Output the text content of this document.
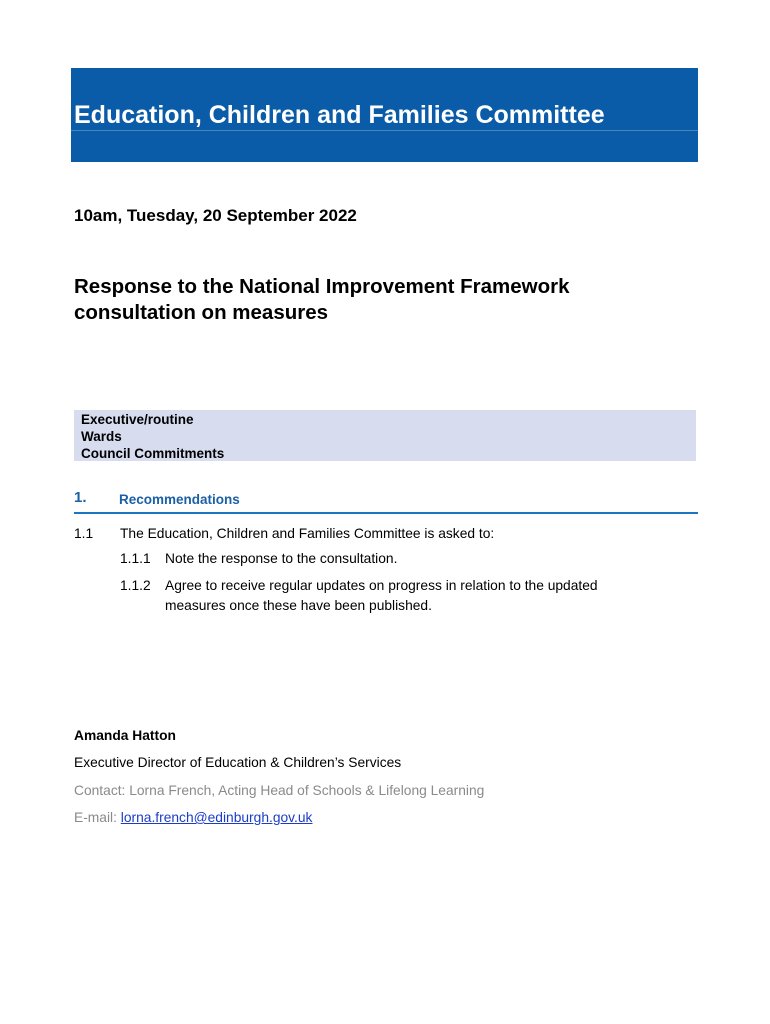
Education, Children and Families Committee
10am, Tuesday, 20 September 2022
Response to the National Improvement Framework
consultation on measures
Executive/routine
Wards
Council Commitments
1. Recommendations
1.1 The Education, Children and Families Committee is asked to:
1.1.1 Note the response to the consultation.
1.1.2 Agree to receive regular updates on progress in relation to the updated
measures once these have been published.
Amanda Hatton
Executive Director of Education & Children’s Services
Contact: Lorna French, Acting Head of Schools & Lifelong Learning
E-mail: lorna.french@edinburgh.gov.uk
